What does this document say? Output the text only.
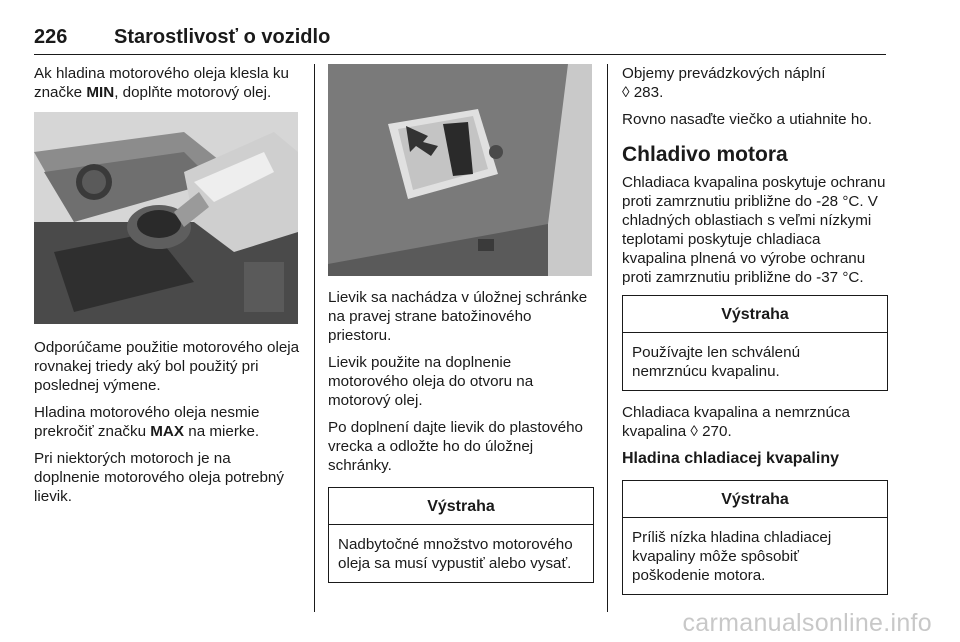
226 Starostlivosť o vozidlo

Ak hladina motorového oleja klesla ku značke MIN, doplňte motorový olej.

Odporúčame použitie motorového oleja rovnakej triedy aký bol použitý pri poslednej výmene.

Hladina motorového oleja nesmie prekročiť značku MAX na mierke.

Pri niektorých motoroch je na doplnenie motorového oleja potrebný lievik.

Lievik sa nachádza v úložnej schránke na pravej strane batožinového priestoru.

Lievik použite na doplnenie motorového oleja do otvoru na motorový olej.

Po doplnení dajte lievik do plastového vrecka a odložte ho do úložnej schránky.

Výstraha
Nadbytočné množstvo motorového oleja sa musí vypustiť alebo vysať.

Objemy prevádzkových náplní
◊ 283.

Rovno nasaďte viečko a utiahnite ho.

Chladivo motora

Chladiaca kvapalina poskytuje ochranu proti zamrznutiu približne do -28 °C. V chladných oblastiach s veľmi nízkymi teplotami poskytuje chladiaca kvapalina plnená vo výrobe ochranu proti zamrznutiu približne do -37 °C.

Výstraha
Používajte len schválenú nemrznúcu kvapalinu.

Chladiaca kvapalina a nemrznúca kvapalina ◊ 270.

Hladina chladiacej kvapaliny
Výstraha
Príliš nízka hladina chladiacej kvapaliny môže spôsobiť poškodenie motora.
carmanualsonline.info
